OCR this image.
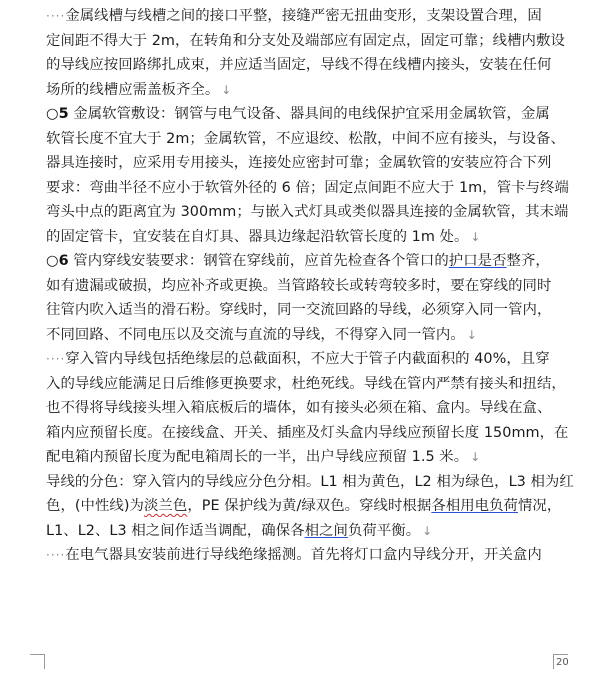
····金属线槽与线槽之间的接口平整，接缝严密无扭曲变形，支架设置合理，固
定间距不得大于 2m，在转角和分支处及端部应有固定点，固定可靠；线槽内敷设
的导线应按回路绑扎成束，并应适当固定，导线不得在线槽内接头，安装在任何
场所的线槽应需盖板齐全。 ↓
○5 金属软管敷设：钢管与电气设备、器具间的电线保护宜采用金属软管，金属
软管长度不宜大于 2m；金属软管，不应退绞、松散，中间不应有接头，与设备、
器具连接时，应采用专用接头，连接处应密封可靠；金属软管的安装应符合下列
要求：弯曲半径不应小于软管外径的 6 倍；固定点间距不应大于 1m，管卡与终端
弯头中点的距离宜为 300mm；与嵌入式灯具或类似器具连接的金属软管，其末端
的固定管卡，宜安装在自灯具、器具边缘起沿软管长度的 1m 处。 ↓
○6 管内穿线安装要求：钢管在穿线前，应首先检查各个管口的护口是否整齐，
如有遗漏或破损，均应补齐或更换。当管路较长或转弯较多时，要在穿线的同时
往管内吹入适当的滑石粉。穿线时，同一交流回路的导线，必须穿入同一管内，
不同回路、不同电压以及交流与直流的导线，不得穿入同一管内。 ↓
····穿入管内导线包括绝缘层的总截面积，不应大于管子内截面积的 40%，且穿
入的导线应能满足日后维修更换要求，杜绝死线。导线在管内严禁有接头和扭结，
也不得将导线接头埋入箱底板后的墙体，如有接头必须在箱、盒内。导线在盒、
箱内应预留长度。在接线盒、开关、插座及灯头盒内导线应预留长度 150mm，在
配电箱内预留长度为配电箱周长的一半，出户导线应预留 1.5 米。 ↓
导线的分色：穿入管内的导线应分色分相。L1 相为黄色，L2 相为绿色，L3 相为红
色，(中性线)为淡兰色，PE 保护线为黄/绿双色。穿线时根据各相用电负荷情况，
L1、L2、L3 相之间作适当调配，确保各相之间负荷平衡。 ↓
····在电气器具安装前进行导线绝缘摇测。首先将灯口盒内导线分开，开关盒内
20
